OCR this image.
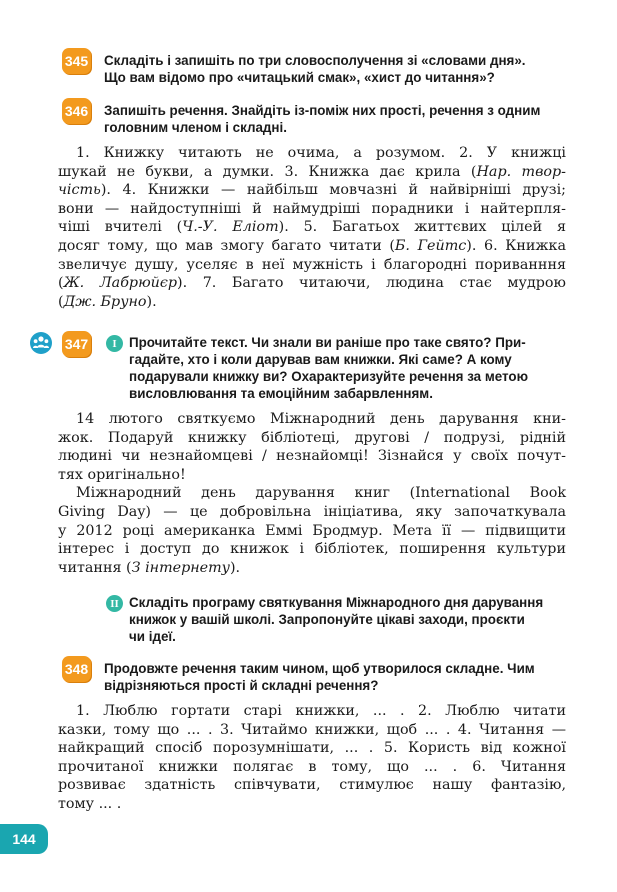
345 Складіть і запишіть по три словосполучення зі «словами дня».
Що вам відомо про «читацький смак», «хист до читання»?
346 Запишіть речення. Знайдіть із-поміж них прості, речення з одним
головним членом і складні.
1. Книжку читають не очима, а розумом. 2. У книжці
шукай не букви, а думки. 3. Книжка дає крила (Нар. твор-
чість). 4. Книжки — найбільш мовчазні й найвірніші друзі;
вони — найдоступніші й наймудріші порадники і найтерпля-
чіші вчителі (Ч.-У. Еліот). 5. Багатьох життєвих цілей я
досяг тому, що мав змогу багато читати (Б. Гейтс). 6. Книжка
звеличує душу, уселяє в неї мужність і благородні пориванння
(Ж. Лабрюйєр). 7. Багато читаючи, людина стає мудрою
(Дж. Бруно).
347	I Прочитайте текст. Чи знали ви раніше про таке свято? При-
гадайте, хто і коли дарував вам книжки. Які саме? А кому
подарували книжку ви? Охарактеризуйте речення за метою
висловлювання та емоційним забарвленням.
14 лютого святкуємо Міжнародний день дарування кни-
жок. Подаруй книжку бібліотеці, другові / подрузі, рідній
людині чи незнайомцеві / незнайомці! Зізнайся у своїх почут-
тях оригінально!
Міжнародний день дарування книг (International Book
Giving Day) — це добровільна ініціатива, яку започаткувала
у 2012 році американка Еммі Бродмур. Мета її — підвищити
інтерес і доступ до книжок і бібліотек, поширення культури
читання (З інтернету).
II Складіть програму святкування Міжнародного дня дарування
книжок у вашій школі. Запропонуйте цікаві заходи, проєкти
чи ідеї.
348 Продовжте речення таким чином, щоб утворилося складне. Чим
відрізняються прості й складні речення?
1. Люблю гортати старі книжки, ... . 2. Люблю читати
казки, тому що ... . 3. Читаймо книжки, щоб ... . 4. Читання —
найкращий спосіб порозумнішати, ... . 5. Користь від кожної
прочитаної книжки полягає в тому, що ... . 6. Читання
розвиває здатність співчувати, стимулює нашу фантазію,
тому ... .
144
